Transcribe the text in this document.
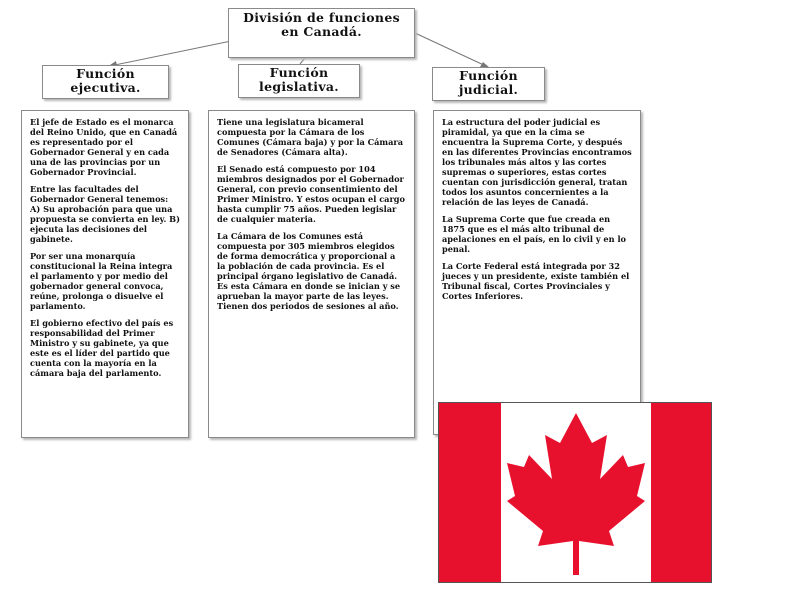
División de funciones en Canadá.
Función ejecutiva.
Función legislativa.
Función judicial.

El jefe de Estado es el monarca del Reino Unido, que en Canadá es representado por el Gobernador General y en cada una de las provincias por un Gobernador Provincial.

Entre las facultades del Gobernador General tenemos: A) Su aprobación para que una propuesta se convierta en ley. B) ejecuta las decisiones del gabinete.

Por ser una monarquía constitucional la Reina integra el parlamento y por medio del gobernador general convoca, reúne, prolonga o disuelve el parlamento.

El gobierno efectivo del país es responsabilidad del Primer Ministro y su gabinete, ya que este es el líder del partido que cuenta con la mayoría en la cámara baja del parlamento.

Tiene una legislatura bicameral compuesta por la Cámara de los Comunes (Cámara baja) y por la Cámara de Senadores (Cámara alta).

El Senado está compuesto por 104 miembros designados por el Gobernador General, con previo consentimiento del Primer Ministro. Y estos ocupan el cargo hasta cumplir 75 años. Pueden legislar de cualquier materia.

La Cámara de los Comunes está compuesta por 305 miembros elegidos de forma democrática y proporcional a la población de cada provincia. Es el principal órgano legislativo de Canadá. Es esta Cámara en donde se inician y se aprueban la mayor parte de las leyes. Tienen dos periodos de sesiones al año.

La estructura del poder judicial es piramidal, ya que en la cima se encuentra la Suprema Corte, y después en las diferentes Provincias encontramos los tribunales más altos y las cortes supremas o superiores, estas cortes cuentan con jurisdicción general, tratan todos los asuntos concernientes a la relación de las leyes de Canadá.

La Suprema Corte que fue creada en 1875 que es el más alto tribunal de apelaciones en el país, en lo civil y en lo penal.

La Corte Federal está integrada por 32 jueces y un presidente, existe también el Tribunal fiscal, Cortes Provinciales y Cortes Inferiores.
